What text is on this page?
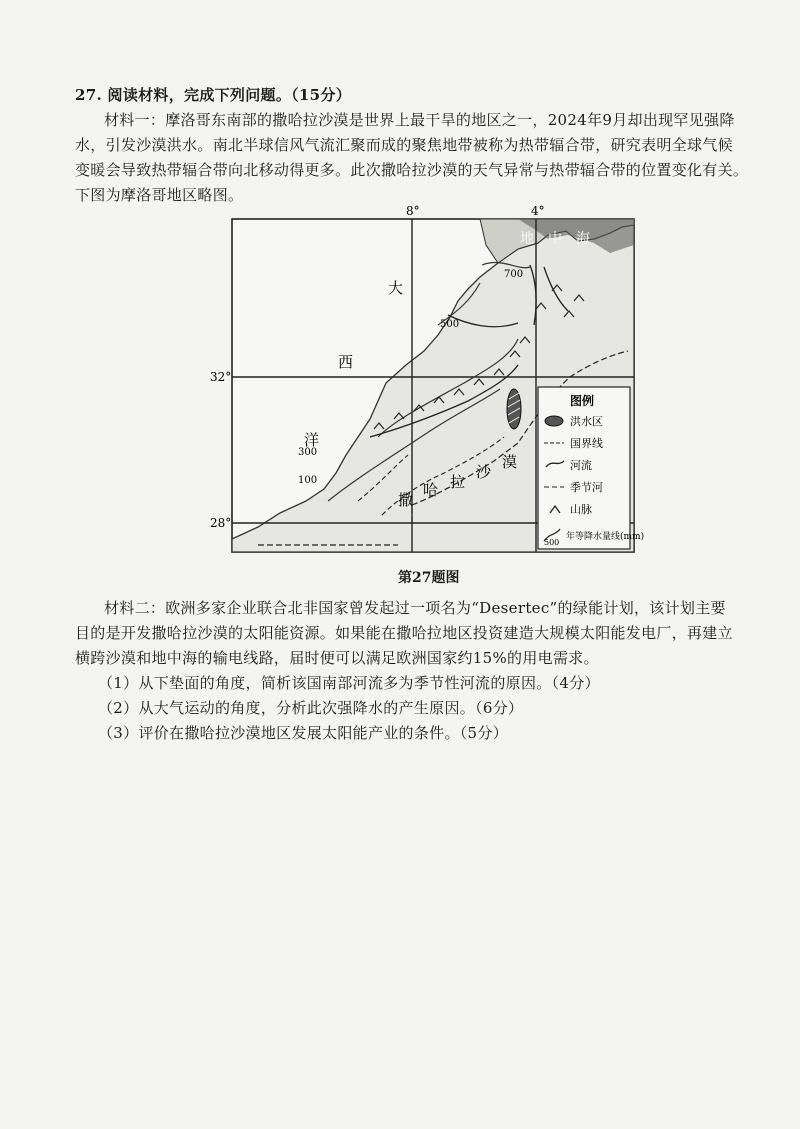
27. 阅读材料，完成下列问题。（15分）
材料一：摩洛哥东南部的撒哈拉沙漠是世界上最干旱的地区之一，2024年9月却出现罕见强降
水，引发沙漠洪水。南北半球信风气流汇聚而成的聚焦地带被称为热带辐合带，研究表明全球气候
变暖会导致热带辐合带向北移动得更多。此次撒哈拉沙漠的天气异常与热带辐合带的位置变化有关。
下图为摩洛哥地区略图。
8°	4°
32°
28°
大
西
洋
地 中 海
撒
哈 拉
沙
漠
700
500
300
100
图例
洪水区
国界线
河流
季节河
山脉
500
年等降水量线(mm)
第27题图
材料二：欧洲多家企业联合北非国家曾发起过一项名为“Desertec”的绿能计划，该计划主要
目的是开发撒哈拉沙漠的太阳能资源。如果能在撒哈拉地区投资建造大规模太阳能发电厂，再建立
横跨沙漠和地中海的输电线路，届时便可以满足欧洲国家约15%的用电需求。
（1）从下垫面的角度，简析该国南部河流多为季节性河流的原因。（4分）
（2）从大气运动的角度，分析此次强降水的产生原因。（6分）
（3）评价在撒哈拉沙漠地区发展太阳能产业的条件。（5分）
